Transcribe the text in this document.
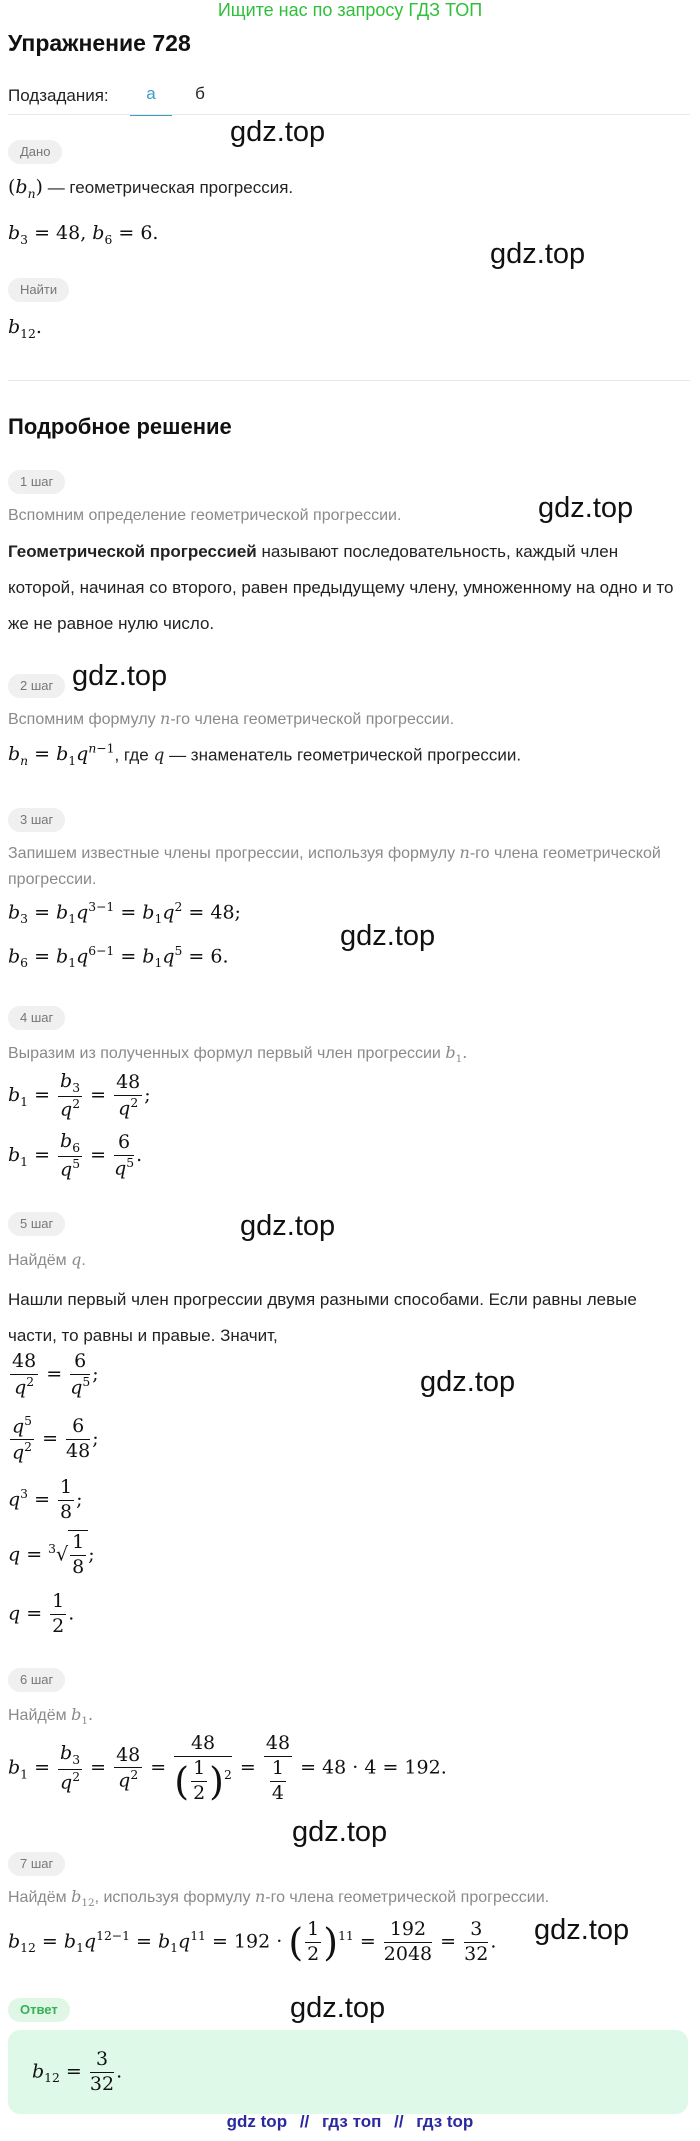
Ищите нас по запросу ГДЗ ТОП
Упражнение 728
Подзадания:	а	б
Дано
gdz.top
$(b_n)$ — геометрическая прогрессия.
$b_3 = 48$, $b_6 = 6$.
gdz.top
Найти
$b_{12}$.
Подробное решение
1 шаг
Вспомним определение геометрической прогрессии.	gdz.top
Геометрической прогрессией называют последовательность, каждый член которой, начиная со второго, равен предыдущему члену, умноженному на одно и то же не равное нулю число.
2 шаг gdz.top
Вспомним формулу n-го члена геометрической прогрессии.
$b_n = b_1q^{n-1}$, где q — знаменатель геометрической прогрессии.
3 шаг
Запишем известные члены прогрессии, используя формулу n-го члена геометрической прогрессии.
$b_3 = b_1q^{3-1} = b_1q^2 = 48$;
gdz.top
$b_6 = b_1q^{6-1} = b_1q^5 = 6$.
4 шаг
Выразим из полученных формул первый член прогрессии $b_1$.
$b_1 = \frac{b_3}{q^2} = \frac{48}{q^2}$ ;
$b_1 = \frac{b_6}{q^5} = \frac{6}{q^5}$ .
5 шаг	gdz.top
Найдём q.
Нашли первый член прогрессии двумя разными способами. Если равны левые части, то равны и правые. Значит,
$\frac{48}{q^2} = \frac{6}{q^5}$ ;	gdz.top
$\frac{q^5}{q^2} = \frac{6}{48}$ ;
$q^3 = \frac{1}{8}$ ;
$q = ^3√ \frac{1}{8}$ ;
$q = \frac{1}{2}$ .
6 шаг
Найдём $b_1$.
$b_1 = \frac{b_3}{q^2} = \frac{48}{q^2} = \frac{48}{( \frac{1}{2} )^2} = \frac{48}{\frac{1}{4}} = 48 \cdot 4 = 192$.
gdz.top
7 шаг
Найдём $b_{12}$, используя формулу n-го члена геометрической прогрессии.
gdz.top
$b_{12} = b_1q^{12-1} = b_1q^{11} = 192$ · ( $\frac{1}{2} )^{11} = \frac{192}{2048} = \frac{3}{32}$ .
Ответ	gdz.top
$b_{12} = \frac{3}{32}$ .
gdz top // гдз топ // гдз top
